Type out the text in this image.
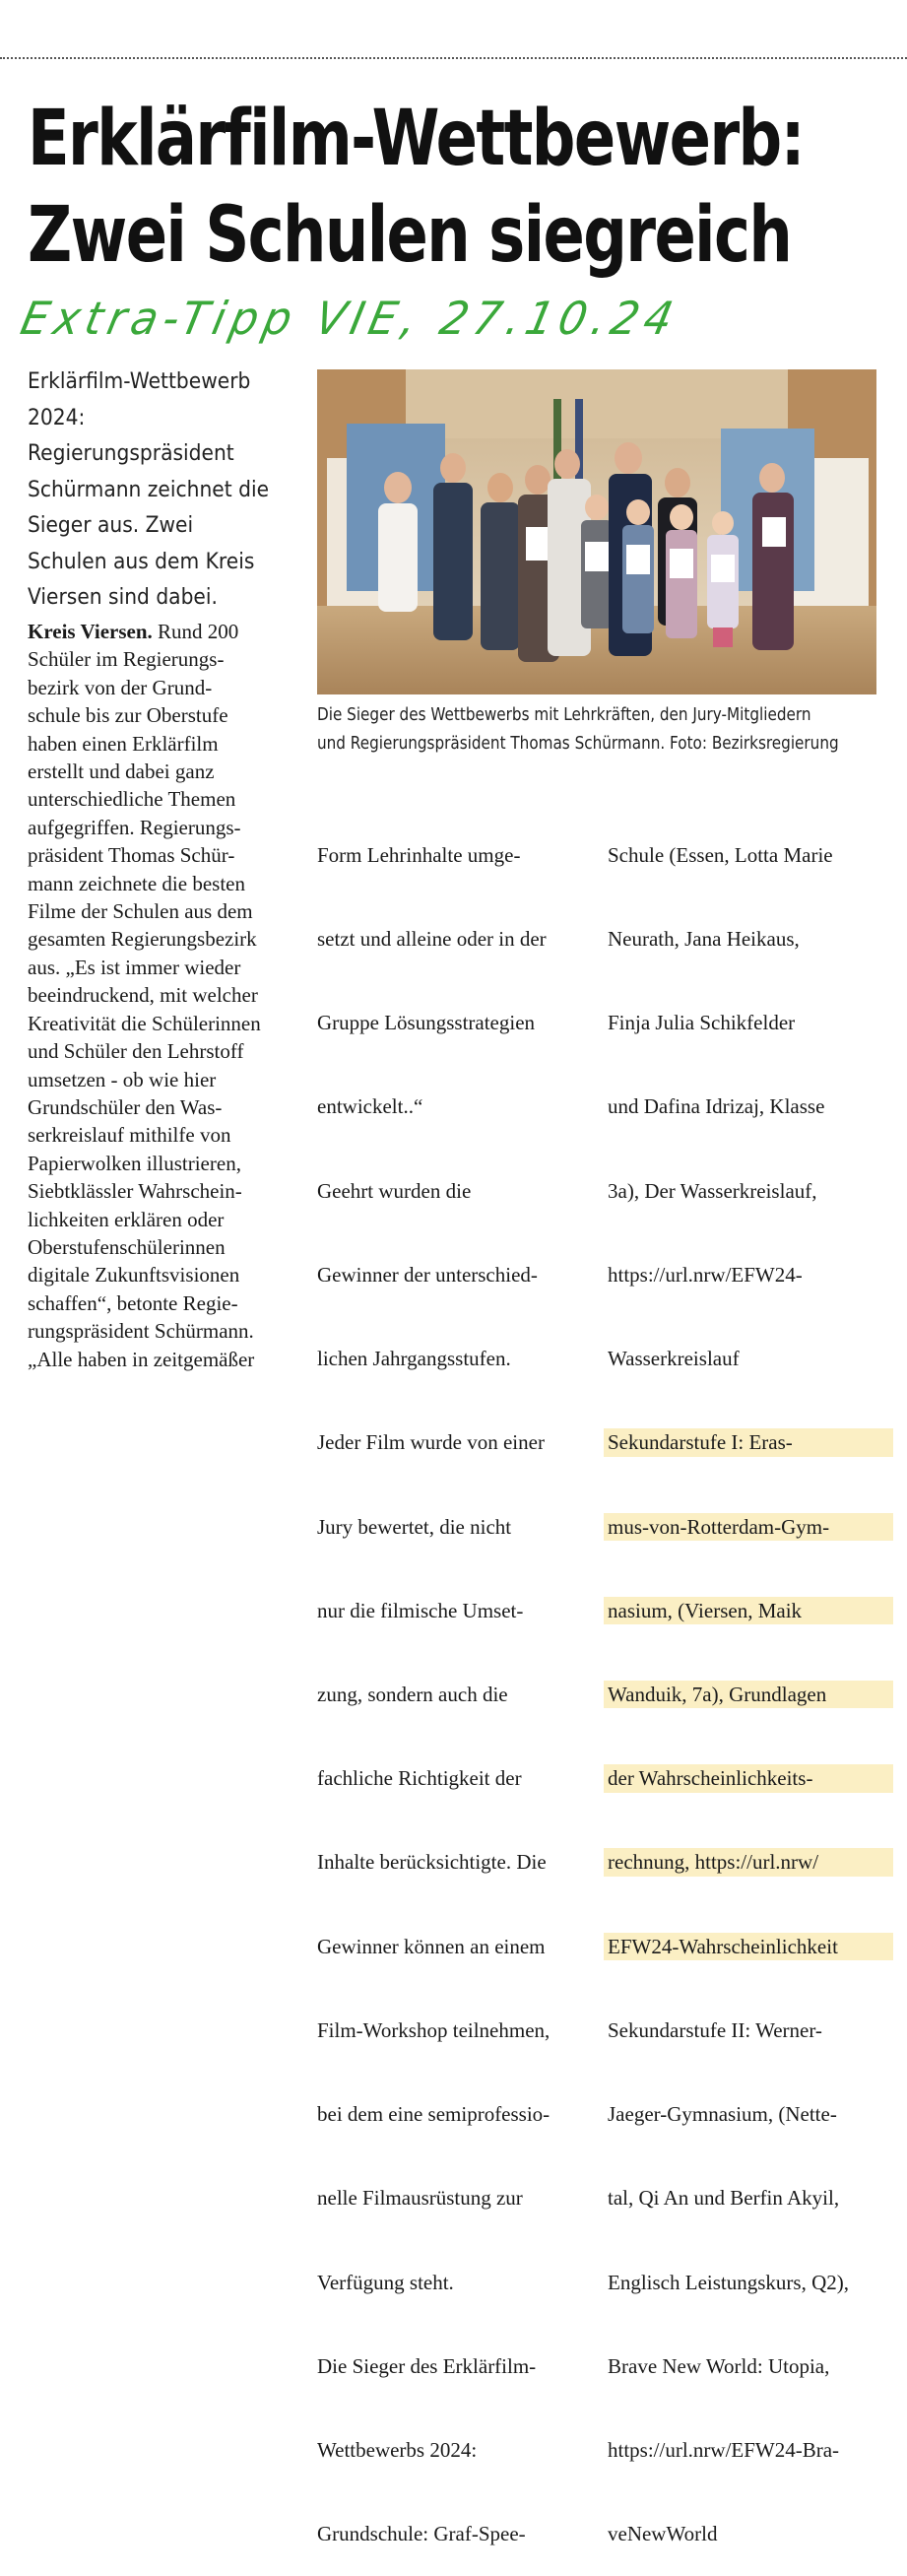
Erklärfilm-Wettbewerb:
Zwei Schulen siegreich
Extra-Tipp VIE, 27.10.24

Erklärfilm-Wettbewerb 2024: Regierungspräsident Schürmann zeichnet die Sieger aus. Zwei Schulen aus dem Kreis Viersen sind dabei.

Die Sieger des Wettbewerbs mit Lehrkräften, den Jury-Mitgliedern
und Regierungspräsident Thomas Schürmann. Foto: Bezirksregierung
Kreis Viersen. Rund 200
Schüler im Regierungs-
bezirk von der Grund-
schule bis zur Oberstufe
haben einen Erklärfilm
erstellt und dabei ganz
unterschiedliche Themen
aufgegriffen. Regierungs-
präsident Thomas Schür-
mann zeichnete die besten
Filme der Schulen aus dem
gesamten Regierungsbezirk
aus. „Es ist immer wieder
beeindruckend, mit welcher
Kreativität die Schülerinnen
und Schüler den Lehrstoff
umsetzen - ob wie hier
Grundschüler den Was-
serkreislauf mithilfe von
Papierwolken illustrieren,
Siebtklässler Wahrschein-
lichkeiten erklären oder
Oberstufenschülerinnen
digitale Zukunftsvisionen
schaffen“, betonte Regie-
rungspräsident Schürmann.
„Alle haben in zeitgemäßer

Form Lehrinhalte umge-

setzt und alleine oder in der

Gruppe Lösungsstrategien

entwickelt..“

Geehrt wurden die

Gewinner der unterschied-

lichen Jahrgangsstufen.

Jeder Film wurde von einer

Jury bewertet, die nicht

nur die filmische Umset-

zung, sondern auch die

fachliche Richtigkeit der

Inhalte berücksichtigte. Die

Gewinner können an einem

Film-Workshop teilnehmen,

bei dem eine semiprofessio-

nelle Filmausrüstung zur

Verfügung steht.

Die Sieger des Erklärfilm-

Wettbewerbs 2024:

Grundschule: Graf-Spee-

Schule (Essen, Lotta Marie

Neurath, Jana Heikaus,

Finja Julia Schikfelder

und Dafina Idrizaj, Klasse

3a), Der Wasserkreislauf,

https://url.nrw/EFW24-

Wasserkreislauf

Sekundarstufe I: Eras-

mus-von-Rotterdam-Gym-

nasium, (Viersen, Maik

Wanduik, 7a), Grundlagen

der Wahrscheinlichkeits-

rechnung, https://url.nrw/

EFW24-Wahrscheinlichkeit

Sekundarstufe II: Werner-

Jaeger-Gymnasium, (Nette-

tal, Qi An und Berfin Akyil,

Englisch Leistungskurs, Q2),

Brave New World: Utopia,

https://url.nrw/EFW24-Bra-

veNewWorld
